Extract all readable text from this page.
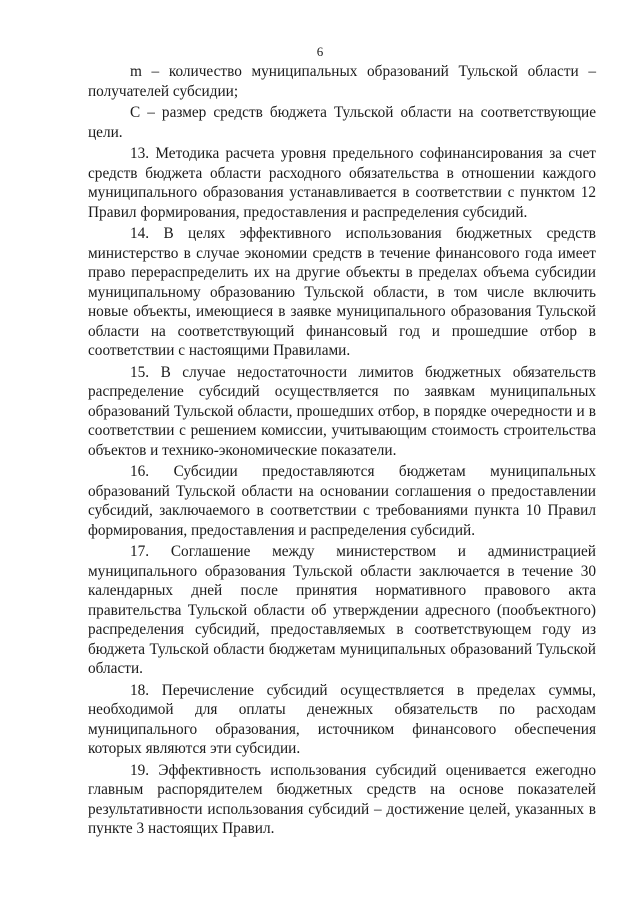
6

m – количество муниципальных образований Тульской области – получателей субсидии;

С – размер средств бюджета Тульской области на соответствующие цели.

13. Методика расчета уровня предельного софинансирования за счет средств бюджета области расходного обязательства в отношении каждого муниципального образования устанавливается в соответствии с пунктом 12 Правил формирования, предоставления и распределения субсидий.

14. В целях эффективного использования бюджетных средств министерство в случае экономии средств в течение финансового года имеет право перераспределить их на другие объекты в пределах объема субсидии муниципальному образованию Тульской области, в том числе включить новые объекты, имеющиеся в заявке муниципального образования Тульской области на соответствующий финансовый год и прошедшие отбор в соответствии с настоящими Правилами.

15. В случае недостаточности лимитов бюджетных обязательств распределение субсидий осуществляется по заявкам муниципальных образований Тульской области, прошедших отбор, в порядке очередности и в соответствии с решением комиссии, учитывающим стоимость строительства объектов и технико-экономические показатели.

16. Субсидии предоставляются бюджетам муниципальных образований Тульской области на основании соглашения о предоставлении субсидий, заключаемого в соответствии с требованиями пункта 10 Правил формирования, предоставления и распределения субсидий.

17. Соглашение между министерством и администрацией муниципального образования Тульской области заключается в течение 30 календарных дней после принятия нормативного правового акта правительства Тульской области об утверждении адресного (пообъектного) распределения субсидий, предоставляемых в соответствующем году из бюджета Тульской области бюджетам муниципальных образований Тульской области.

18. Перечисление субсидий осуществляется в пределах суммы, необходимой для оплаты денежных обязательств по расходам муниципального образования, источником финансового обеспечения которых являются эти субсидии.

19. Эффективность использования субсидий оценивается ежегодно главным распорядителем бюджетных средств на основе показателей результативности использования субсидий – достижение целей, указанных в пункте 3 настоящих Правил.
